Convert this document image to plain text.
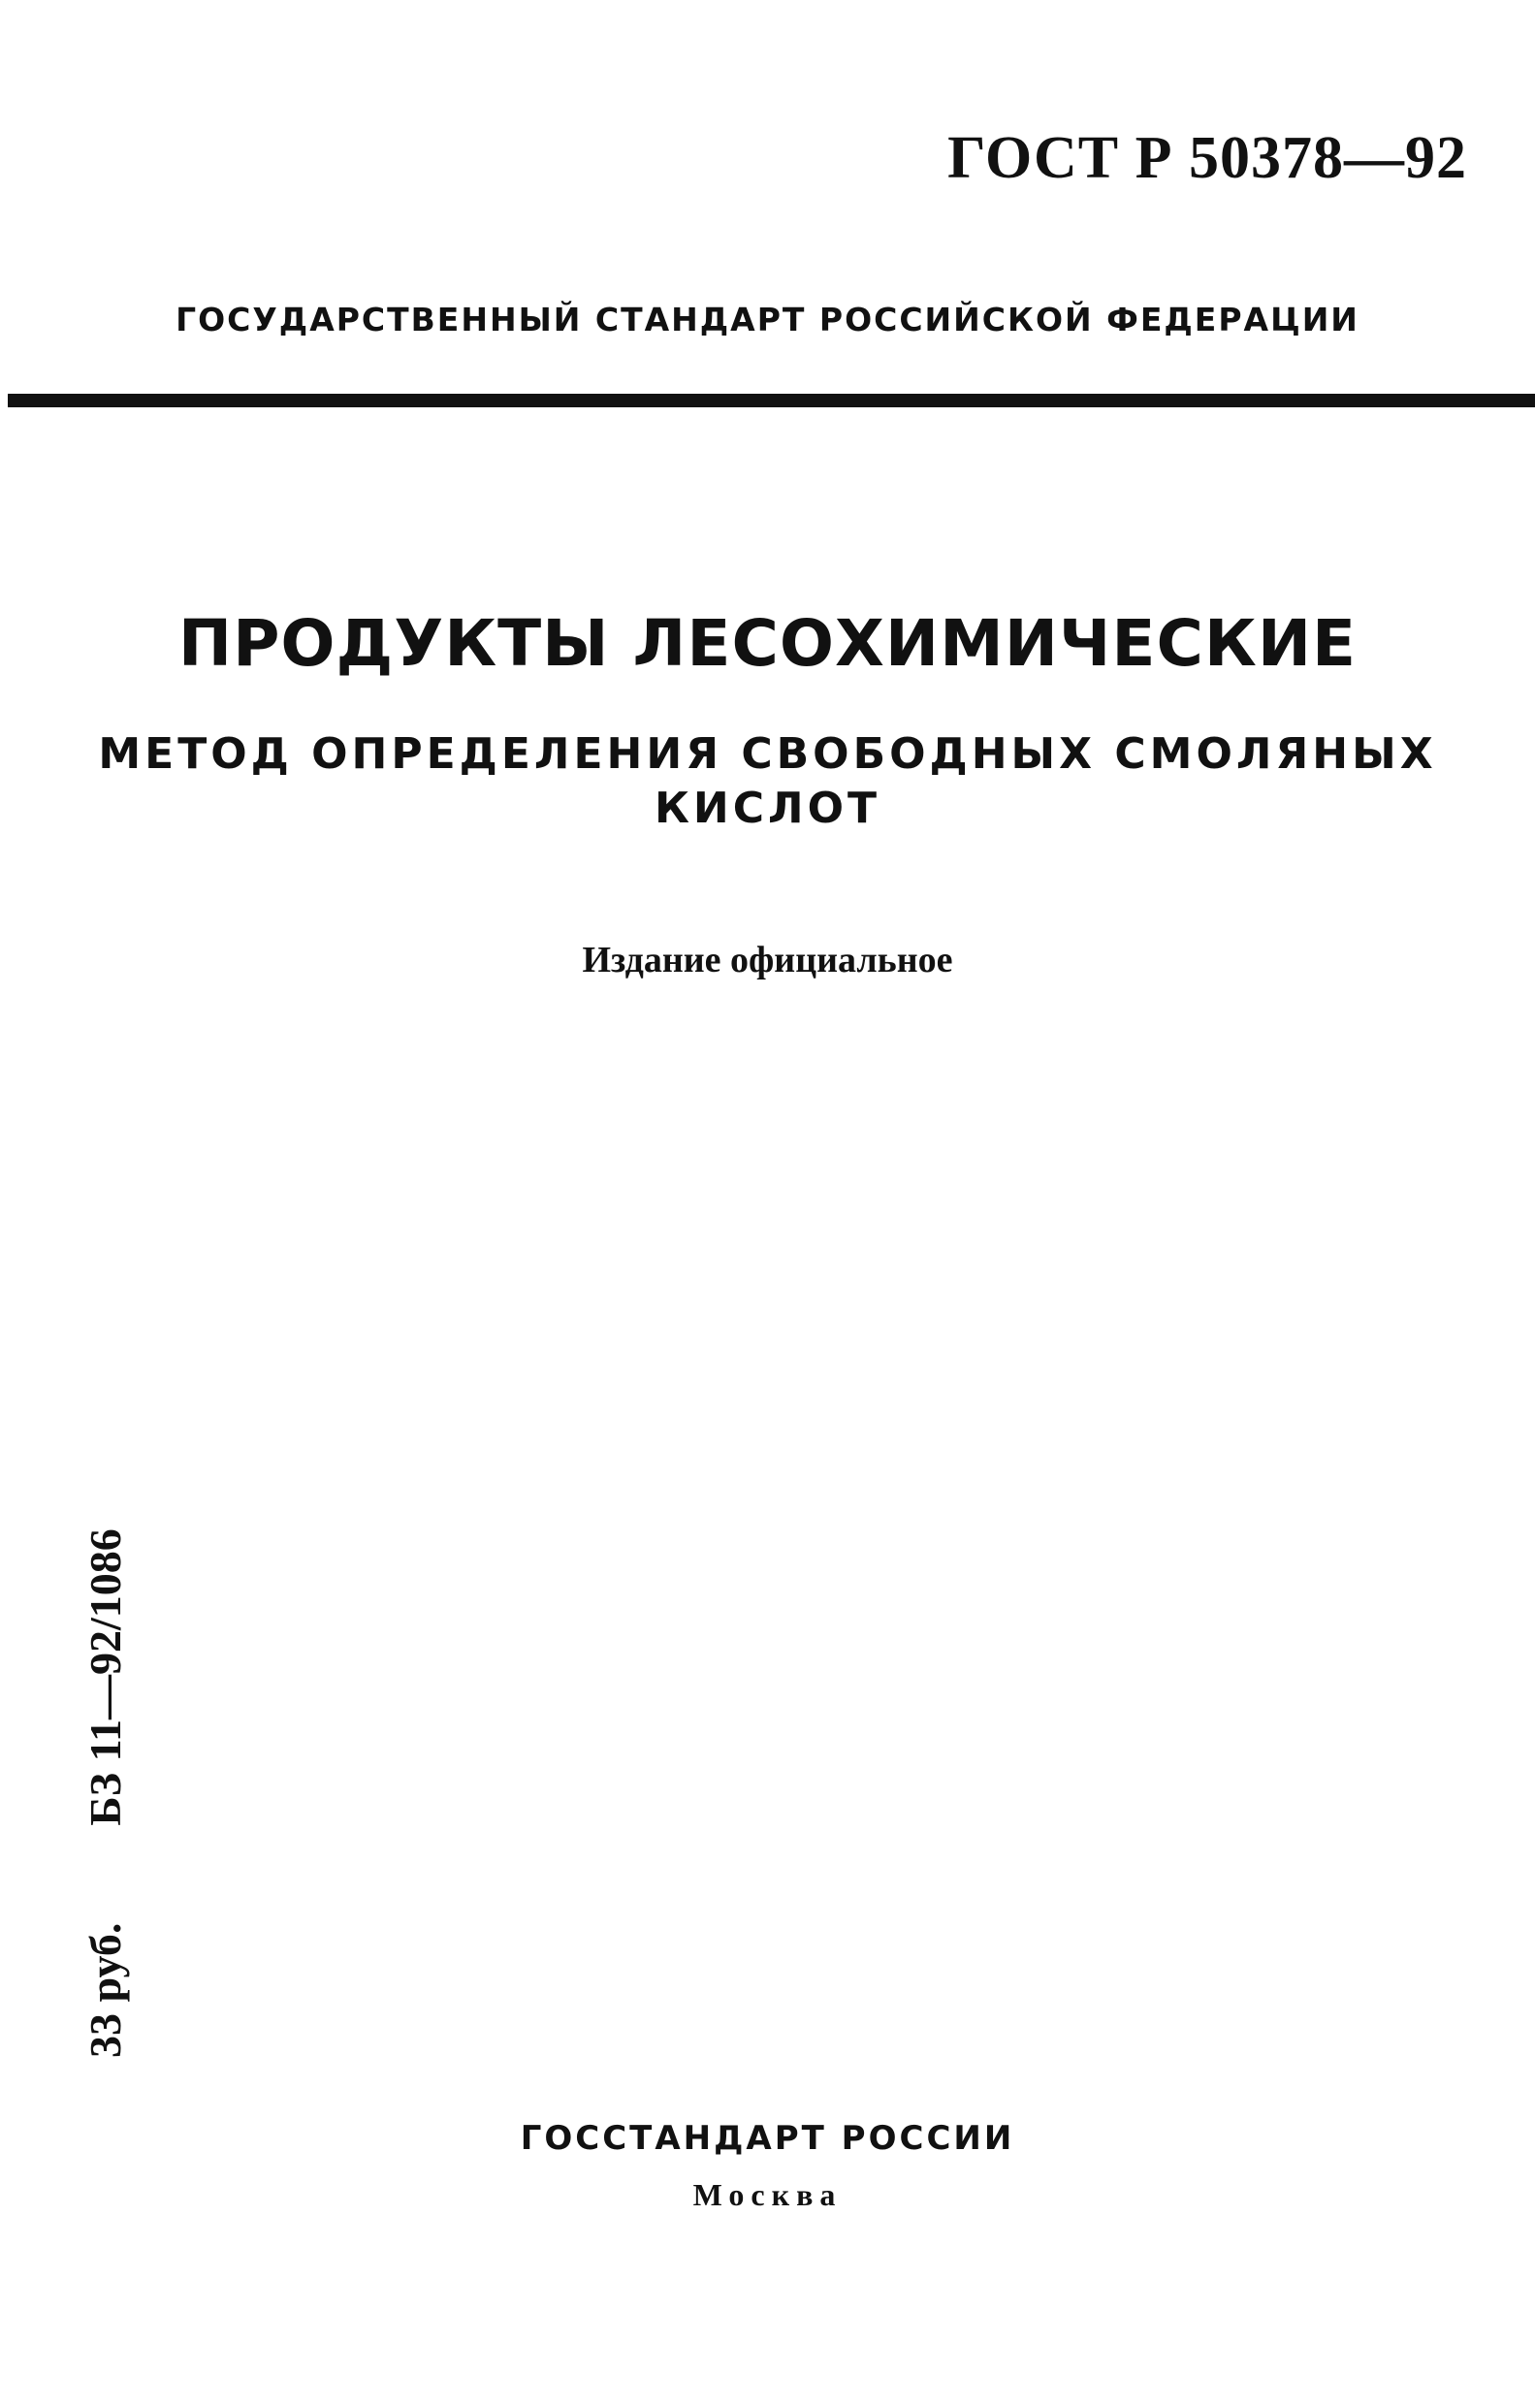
ГОСТ Р 50378—92
ГОСУДАРСТВЕННЫЙ СТАНДАРТ РОССИЙСКОЙ ФЕДЕРАЦИИ
ПРОДУКТЫ ЛЕСОХИМИЧЕСКИЕ
МЕТОД ОПРЕДЕЛЕНИЯ СВОБОДНЫХ СМОЛЯНЫХ
КИСЛОТ
Издание официальное
33 руб.БЗ 11—92/1086
ГОССТАНДАРТ РОССИИ
Москва
